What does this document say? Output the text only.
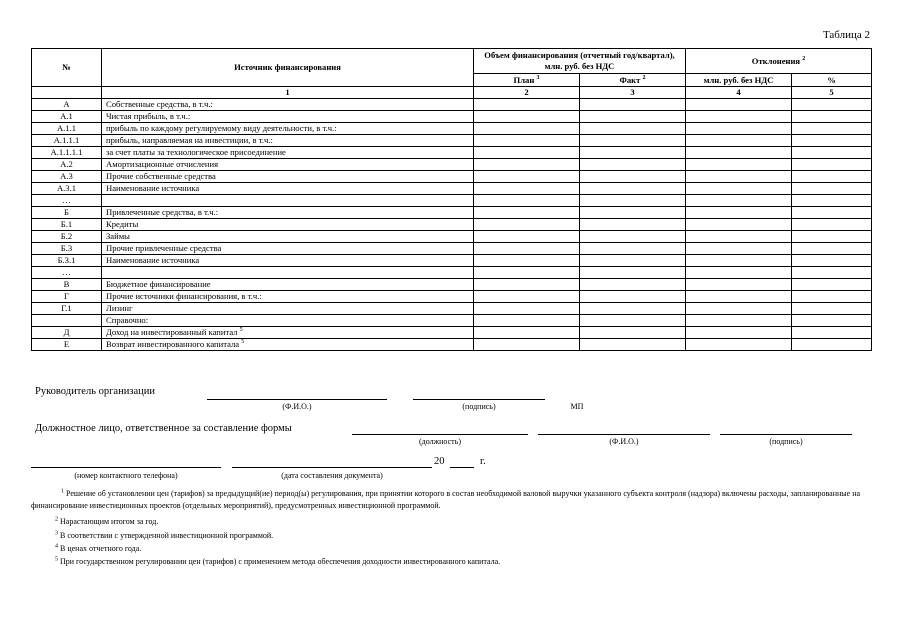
Таблица 2
№	Источник финансирования	Объем финансирования (отчетный год/квартал), млн. руб. без НДС		Отклонения $^2$
		План $^3$	Факт $^2$	млн. руб. без НДС	%
	1	2	3	4	5
А	Собственные средства, в т.ч.:				
А.1	Чистая прибыль, в т.ч.:				
А.1.1	прибыль по каждому регулируемому виду деятельности, в т.ч.:				
А.1.1.1	прибыль, направляемая на инвестиции, в т.ч.:				
А.1.1.1.1	за счет платы за технологическое присоединение				
А.2	Амортизационные отчисления				
А.3	Прочие собственные средства				
А.3.1	Наименование источника				
…					
Б	Привлеченные средства, в т.ч.:				
Б.1	Кредиты				
Б.2	Займы				
Б.3	Прочие привлеченные средства				
Б.3.1	Наименование источника				
…					
В	Бюджетное финансирование				
Г	Прочие источники финансирования, в т.ч.:				
Г.1	Лизинг				
	Справочно:				
Д	Доход на инвестированный капитал $^5$				
Е	Возврат инвестированного капитала $^5$				
Руководитель организации
(Ф.И.О.)	(подпись)	МП
Должностное лицо, ответственное за составление формы
(должность)	(Ф.И.О.)	(подпись)
(номер контактного телефона)	(дата составления документа)
20	г.
$^1$ Решение об установлении цен (тарифов) за предыдущий(ие) период(ы) регулирования, при принятии которого в состав необходимой валовой выручки указанного субъекта контроля (надзора) включены расходы, запланированные на финансирование инвестиционных проектов (отдельных мероприятий), предусмотренных инвестиционной программой.
$^2$ Нарастающим итогом за год.
$^3$ В соответствии с утвержденной инвестиционной программой.
$^4$ В ценах отчетного года.
$^5$ При государственном регулировании цен (тарифов) с применением метода обеспечения доходности инвестированного капитала.
